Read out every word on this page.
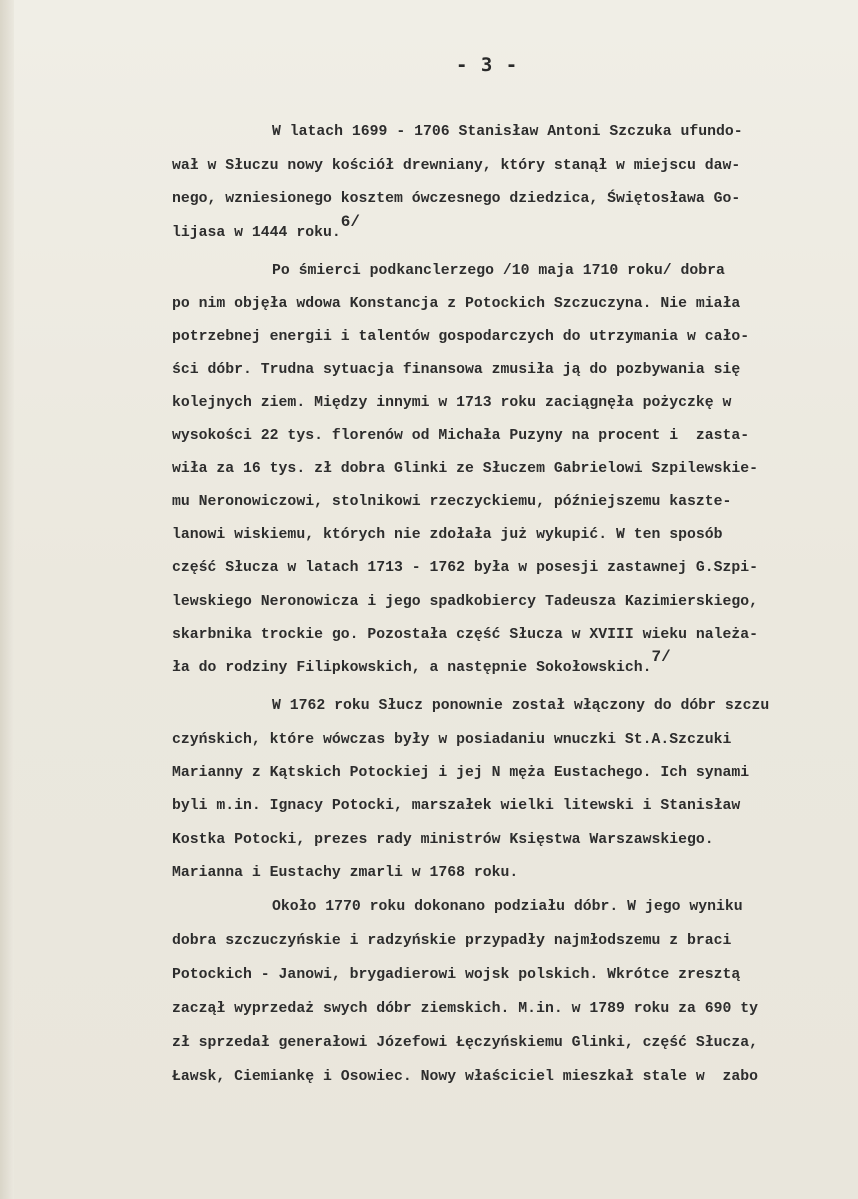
- 3 -
W latach 1699 - 1706 Stanisław Antoni Szczuka ufundo-
wał w Słuczu nowy kościół drewniany, który stanął w miejscu daw-
nego, wzniesionego kosztem ówczesnego dziedzica, Świętosława Go-
lijasa w 1444 roku.$^{6/}$
Po śmierci podkanclerzego /10 maja 1710 roku/ dobra
po nim objęła wdowa Konstancja z Potockich Szczuczyna. Nie miała
potrzebnej energii i talentów gospodarczych do utrzymania w cało-
ści dóbr. Trudna sytuacja finansowa zmusiła ją do pozbywania się
kolejnych ziem. Między innymi w 1713 roku zaciągnęła pożyczkę w
wysokości 22 tys. florenów od Michała Puzyny na procent i  zasta-
wiła za 16 tys. zł dobra Glinki ze Słuczem Gabrielowi Szpilewskie-
mu Neronowiczowi, stolnikowi rzeczyckiemu, późniejszemu kaszte-
lanowi wiskiemu, których nie zdołała już wykupić. W ten sposób
część Słucza w latach 1713 - 1762 była w posesji zastawnej G.Szpi-
lewskiego Neronowicza i jego spadkobiercy Tadeusza Kazimierskiego,
skarbnika trockie go. Pozostała część Słucza w XVIII wieku należa-
ła do rodziny Filipkowskich, a następnie Sokołowskich.$^{7/}$
W 1762 roku Słucz ponownie został włączony do dóbr szczu
czyńskich, które wówczas były w posiadaniu wnuczki St.A.Szczuki
Marianny z Kątskich Potockiej i jej N męża Eustachego. Ich synami
byli m.in. Ignacy Potocki, marszałek wielki litewski i Stanisław
Kostka Potocki, prezes rady ministrów Księstwa Warszawskiego.
Marianna i Eustachy zmarli w 1768 roku.
Około 1770 roku dokonano podziału dóbr. W jego wyniku
dobra szczuczyńskie i radzyńskie przypadły najmłodszemu z braci
Potockich - Janowi, brygadierowi wojsk polskich. Wkrótce zresztą
zaczął wyprzedaż swych dóbr ziemskich. M.in. w 1789 roku za 690 ty
zł sprzedał generałowi Józefowi Łęczyńskiemu Glinki, część Słucza,
Ławsk, Ciemiankę i Osowiec. Nowy właściciel mieszkał stale w  zabo
